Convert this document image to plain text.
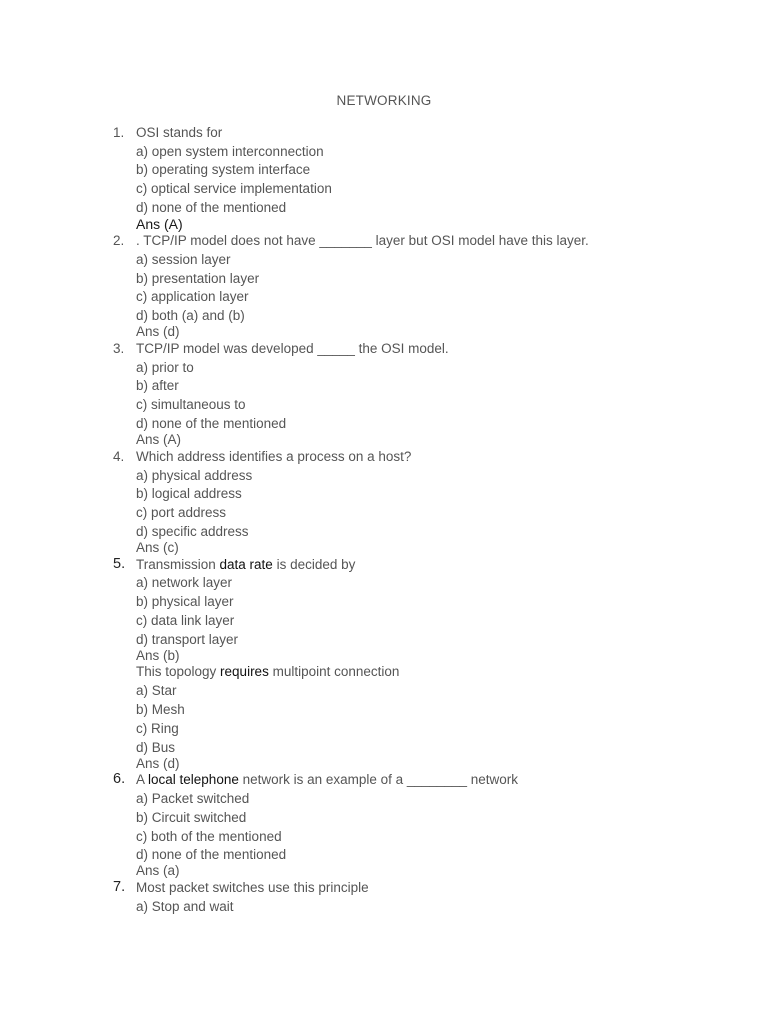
NETWORKING
1. OSI stands for
a) open system interconnection
b) operating system interface
c) optical service implementation
d) none of the mentioned
Ans (A)
2. . TCP/IP model does not have _______ layer but OSI model have this layer.
a) session layer
b) presentation layer
c) application layer
d) both (a) and (b)
Ans (d)
3. TCP/IP model was developed _____ the OSI model.
a) prior to
b) after
c) simultaneous to
d) none of the mentioned
Ans (A)
4. Which address identifies a process on a host?
a) physical address
b) logical address
c) port address
d) specific address
Ans (c)
5. Transmission data rate is decided by
a) network layer
b) physical layer
c) data link layer
d) transport layer
Ans (b)
This topology requires multipoint connection
a) Star
b) Mesh
c) Ring
d) Bus
Ans (d)
6. A local telephone network is an example of a ________ network
a) Packet switched
b) Circuit switched
c) both of the mentioned
d) none of the mentioned
Ans (a)
7. Most packet switches use this principle
a) Stop and wait
